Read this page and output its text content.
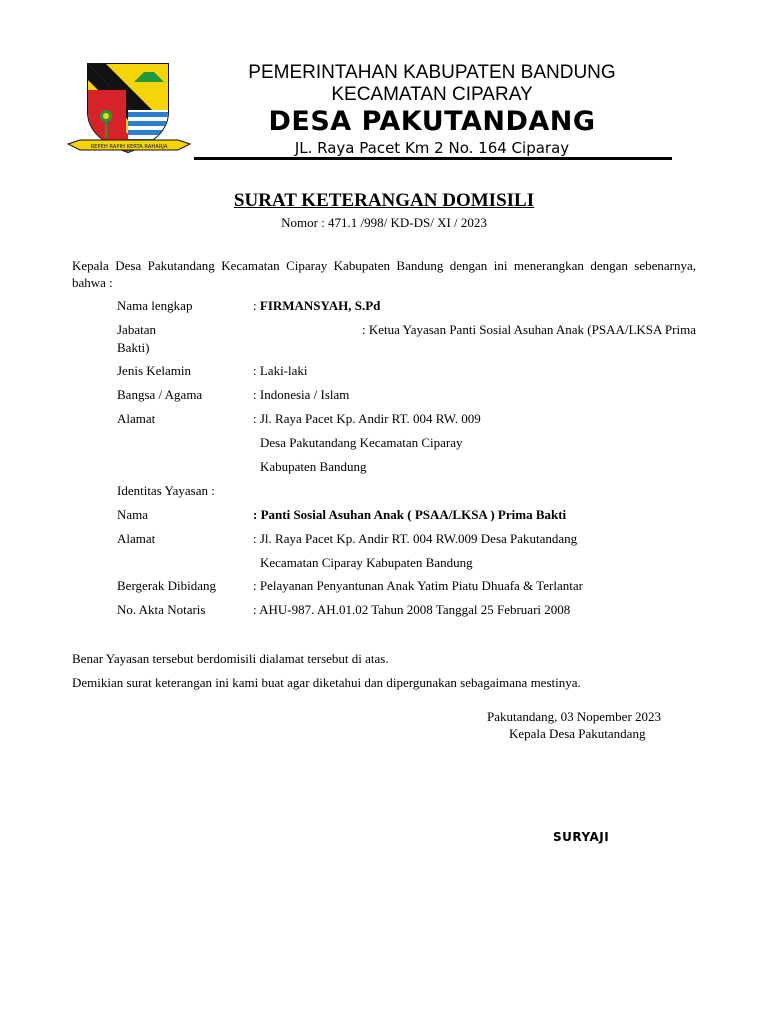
REPEH RAPIH KERTA RAHARJA
PEMERINTAHAN KABUPATEN BANDUNG
KECAMATAN CIPARAY
DESA PAKUTANDANG
JL. Raya Pacet Km 2 No. 164 Ciparay
SURAT KETERANGAN DOMISILI
Nomor : 471.1 /998/ KD-DS/ XI / 2023
Kepala Desa Pakutandang Kecamatan Ciparay Kabupaten Bandung dengan ini menerangkan dengan sebenarnya, bahwa :
Nama lengkap	: FIRMANSYAH, S.Pd
Jabatan	: Ketua Yayasan Panti Sosial Asuhan Anak (PSAA/LKSA Prima
Bakti)
Jenis Kelamin	: Laki-laki
Bangsa / Agama	: Indonesia / Islam
Alamat	: Jl. Raya Pacet Kp. Andir RT. 004 RW. 009
Desa Pakutandang Kecamatan Ciparay
Kabupaten Bandung
Identitas Yayasan :
Nama	: Panti Sosial Asuhan Anak ( PSAA/LKSA ) Prima Bakti
Alamat	: Jl. Raya Pacet Kp. Andir RT. 004 RW.009 Desa Pakutandang
Kecamatan Ciparay Kabupaten Bandung
Bergerak Dibidang	: Pelayanan Penyantunan Anak Yatim Piatu Dhuafa & Terlantar
No. Akta Notaris	: AHU-987. AH.01.02 Tahun 2008 Tanggal 25 Februari 2008
Benar Yayasan tersebut berdomisili dialamat tersebut di atas.
Demikian surat keterangan ini kami buat agar diketahui dan dipergunakan sebagaimana mestinya.
Pakutandang, 03 Nopember 2023
Kepala Desa Pakutandang
SURYAJI
